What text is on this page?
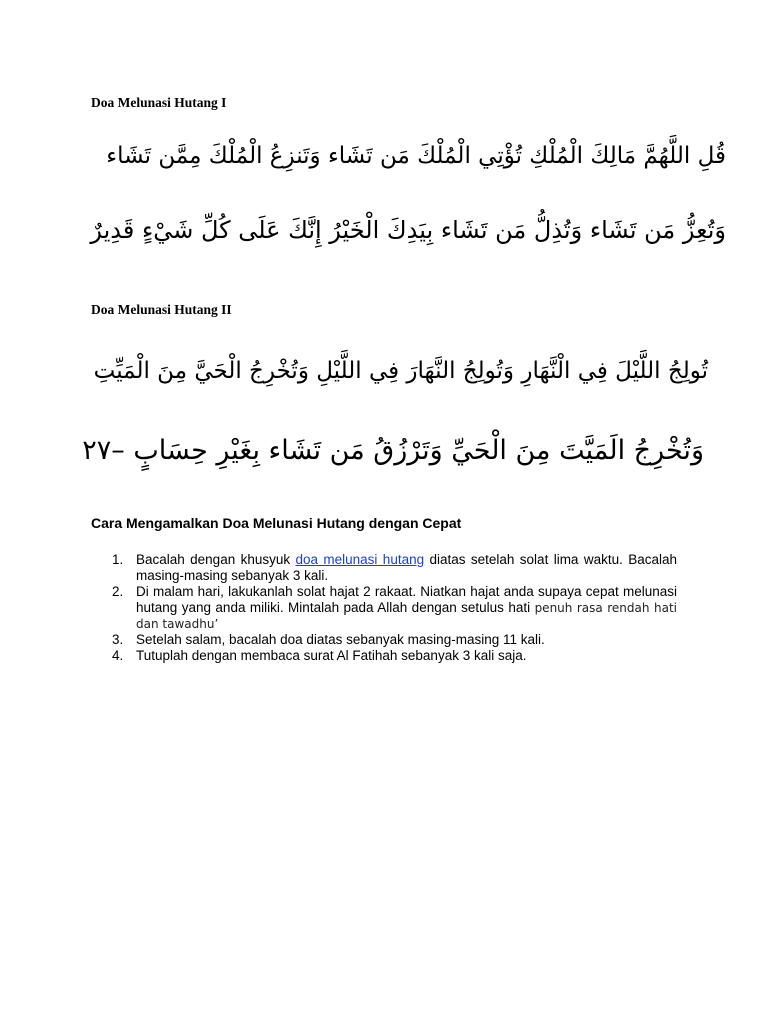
Doa Melunasi Hutang I
قُلِ اللَّهُمَّ مَالِكَ الْمُلْكِ تُؤْتِي الْمُلْكَ مَن تَشَاء وَتَنزِعُ الْمُلْكَ مِمَّن تَشَاء
وَتُعِزُّ مَن تَشَاء وَتُذِلُّ مَن تَشَاء بِيَدِكَ الْخَيْرُ إِنَّكَ عَلَى كُلِّ شَيْءٍ قَدِيرٌ
Doa Melunasi Hutang II
تُولِجُ اللَّيْلَ فِي الْنَّهَارِ وَتُولِجُ النَّهَارَ فِي اللَّيْلِ وَتُخْرِجُ الْحَيَّ مِنَ الْمَيِّتِ
وَتُخْرِجُ الَمَيَّتَ مِنَ الْحَيِّ وَتَرْزُقُ مَن تَشَاء بِغَيْرِ حِسَابٍ –٢٧
Cara Mengamalkan Doa Melunasi Hutang dengan Cepat
1. Bacalah dengan khusyuk doa melunasi hutang diatas setelah solat lima waktu. Bacalah masing-masing sebanyak 3 kali.
2. Di malam hari, lakukanlah solat hajat 2 rakaat. Niatkan hajat anda supaya cepat melunasi hutang yang anda miliki. Mintalah pada Allah dengan setulus hati penuh rasa rendah hati dan tawadhu’
3. Setelah salam, bacalah doa diatas sebanyak masing-masing 11 kali.
4. Tutuplah dengan membaca surat Al Fatihah sebanyak 3 kali saja.
